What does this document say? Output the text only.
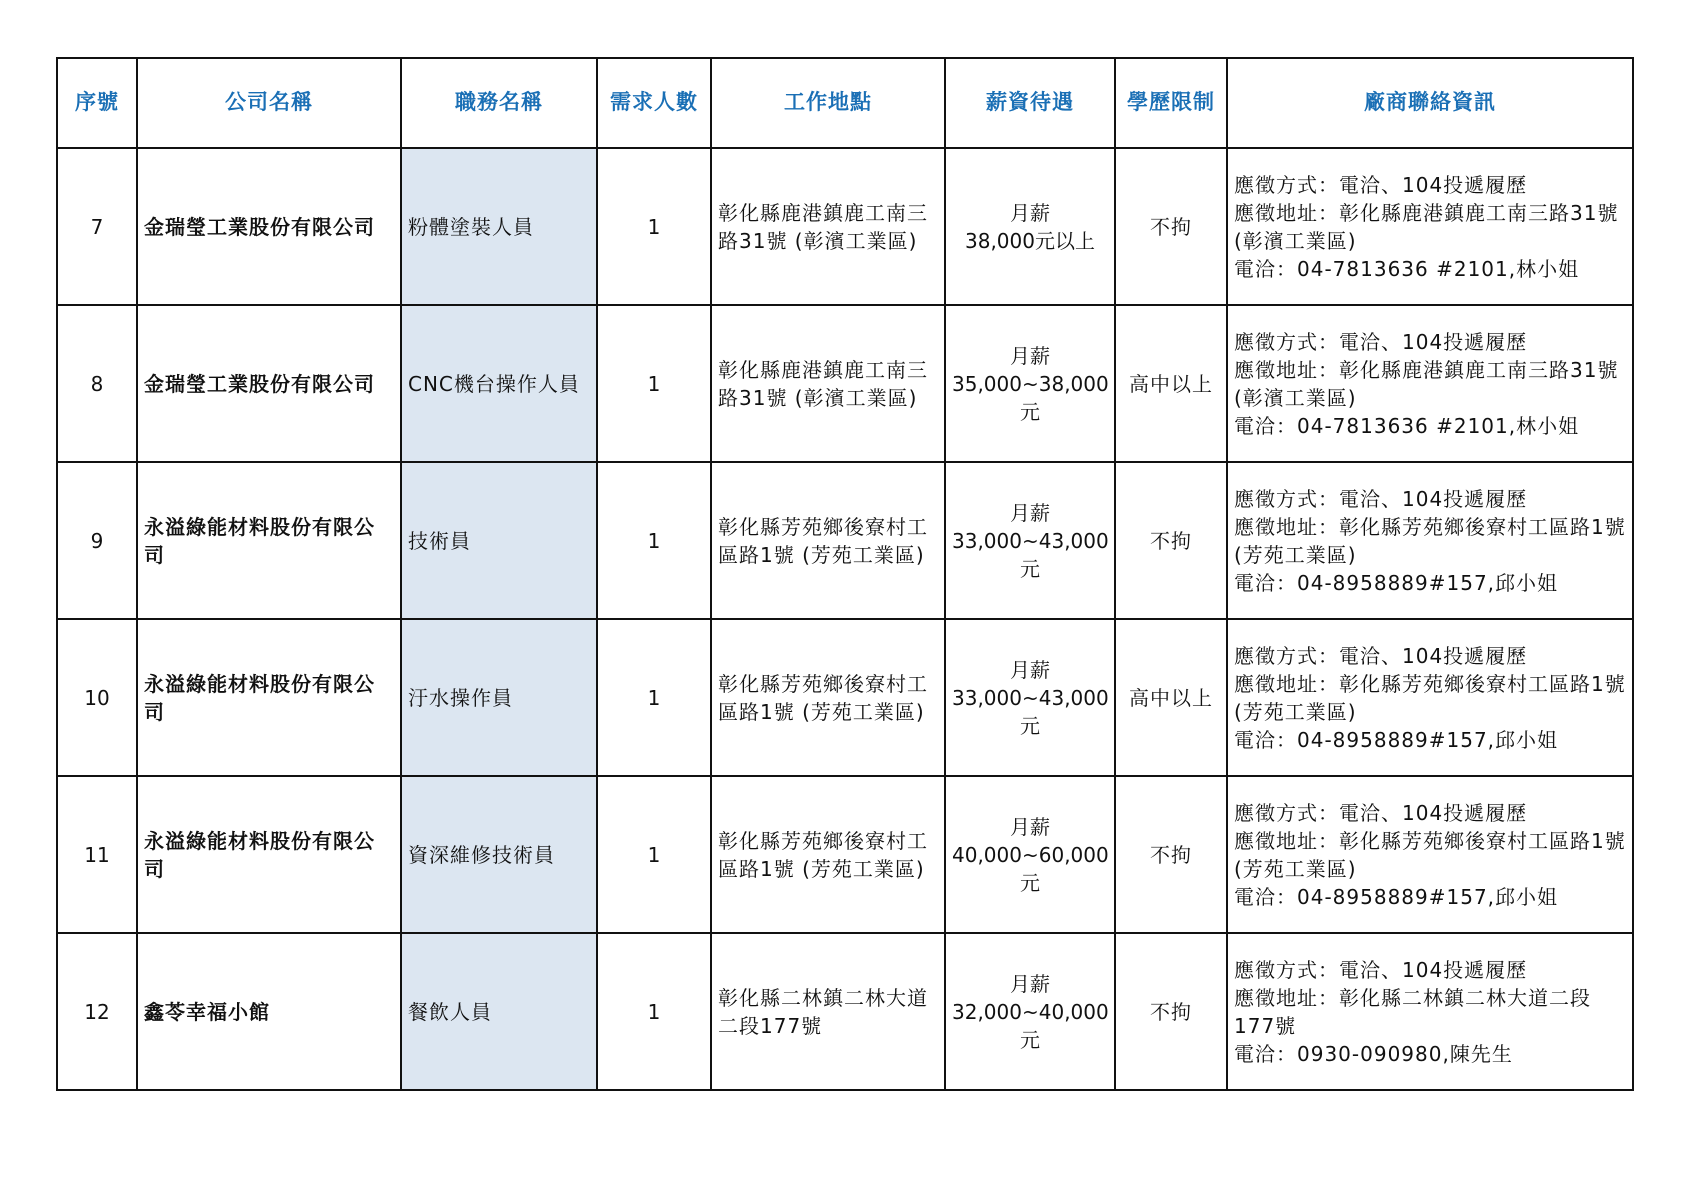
序號	公司名稱	職務名稱	需求人數	工作地點	薪資待遇	學歷限制	廠商聯絡資訊
7	金瑞瑩工業股份有限公司	粉體塗裝人員	1	彰化縣鹿港鎮鹿工南三路31號 (彰濱工業區)	月薪
38,000元以上	不拘	應徵方式：電洽、104投遞履歷
應徵地址：彰化縣鹿港鎮鹿工南三路31號 (彰濱工業區)
電洽：04-7813636 #2101,林小姐

8	金瑞瑩工業股份有限公司	CNC機台操作人員	1	彰化縣鹿港鎮鹿工南三路31號 (彰濱工業區)	月薪
35,000~38,000元	高中以上	應徵方式：電洽、104投遞履歷
應徵地址：彰化縣鹿港鎮鹿工南三路31號 (彰濱工業區)
電洽：04-7813636 #2101,林小姐

9	永溢綠能材料股份有限公司	技術員	1	彰化縣芳苑鄉後寮村工區路1號 (芳苑工業區)	月薪
33,000~43,000元	不拘	應徵方式：電洽、104投遞履歷
應徵地址：彰化縣芳苑鄉後寮村工區路1號 (芳苑工業區)
電洽：04-8958889#157,邱小姐

10	永溢綠能材料股份有限公司	汙水操作員	1	彰化縣芳苑鄉後寮村工區路1號 (芳苑工業區)	月薪
33,000~43,000元	高中以上	應徵方式：電洽、104投遞履歷
應徵地址：彰化縣芳苑鄉後寮村工區路1號 (芳苑工業區)
電洽：04-8958889#157,邱小姐

11	永溢綠能材料股份有限公司	資深維修技術員	1	彰化縣芳苑鄉後寮村工區路1號 (芳苑工業區)	月薪
40,000~60,000元	不拘	應徵方式：電洽、104投遞履歷
應徵地址：彰化縣芳苑鄉後寮村工區路1號 (芳苑工業區)
電洽：04-8958889#157,邱小姐

12	鑫苓幸福小館	餐飲人員	1	彰化縣二林鎮二林大道二段177號	月薪
32,000~40,000元	不拘	應徵方式：電洽、104投遞履歷
應徵地址：彰化縣二林鎮二林大道二段177號
電洽：0930-090980,陳先生
